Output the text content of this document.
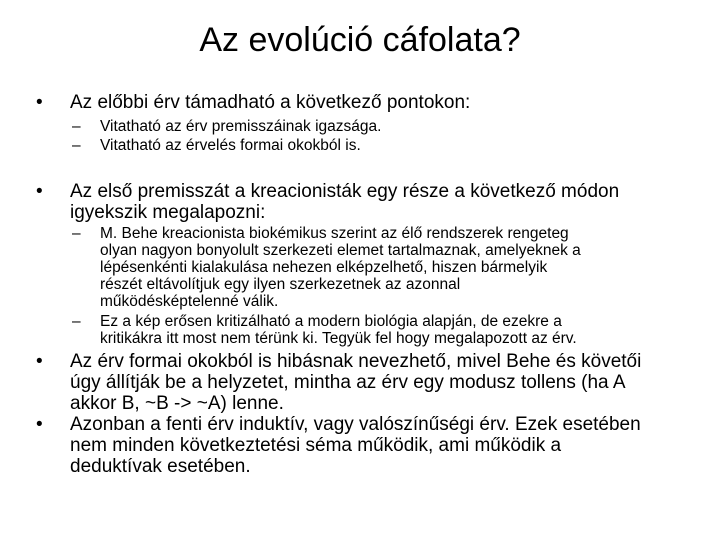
Az evolúció cáfolata?
•	Az előbbi érv támadható a következő pontokon:
–	Vitatható az érv premisszáinak igazsága.
–	Vitatható az érvelés formai okokból is.
•	Az első premisszát a kreacionisták egy része a következő módon
igyekszik megalapozni:
–	M. Behe kreacionista biokémikus szerint az élő rendszerek rengeteg
olyan nagyon bonyolult szerkezeti elemet tartalmaznak, amelyeknek a
lépésenkénti kialakulása nehezen elképzelhető, hiszen bármelyik
részét eltávolítjuk egy ilyen szerkezetnek az azonnal
működésképtelenné válik.
–	Ez a kép erősen kritizálható a modern biológia alapján, de ezekre a
kritikákra itt most nem térünk ki. Tegyük fel hogy megalapozott az érv.
•	Az érv formai okokból is hibásnak nevezhető, mivel Behe és követői
úgy állítják be a helyzetet, mintha az érv egy modusz tollens (ha A
akkor B, ~B -> ~A) lenne.
•	Azonban a fenti érv induktív, vagy valószínűségi érv. Ezek esetében
nem minden következtetési séma működik, ami működik a
deduktívak esetében.
